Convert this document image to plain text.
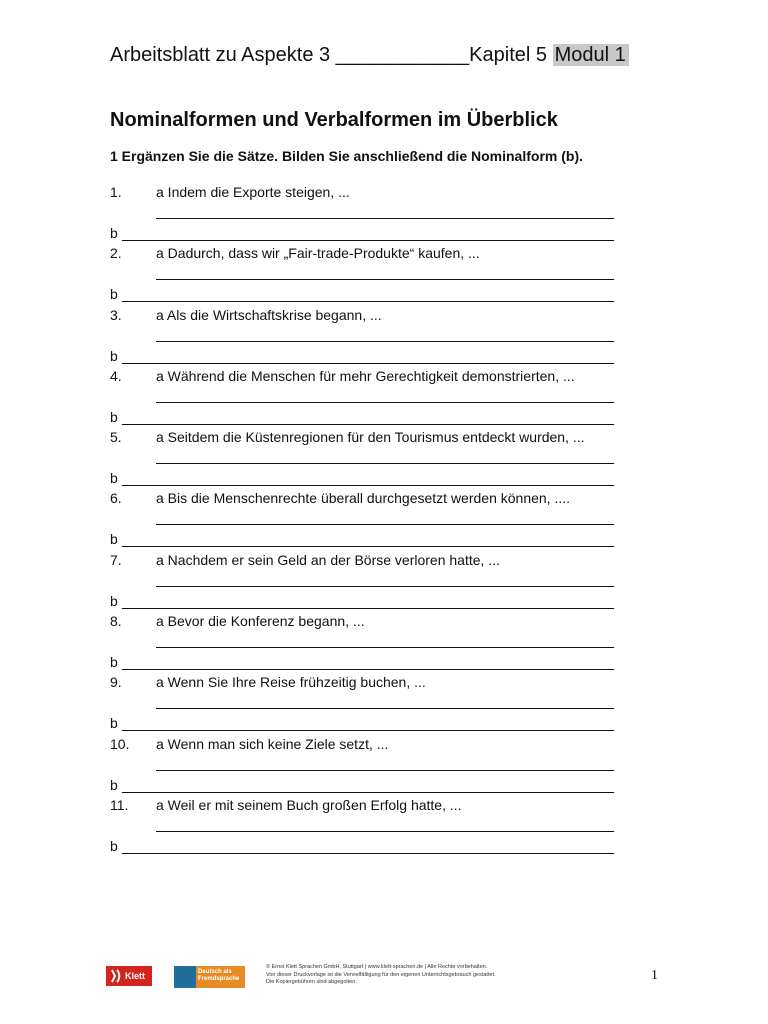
Arbeitsblatt zu Aspekte 3 ____________Kapitel 5 Modul 1
Nominalformen und Verbalformen im Überblick
1 Ergänzen Sie die Sätze. Bilden Sie anschließend die Nominalform (b).
1. a Indem die Exporte steigen, ...
b
2. a Dadurch, dass wir „Fair-trade-Produkte“ kaufen, ...
b
3. a Als die Wirtschaftskrise begann, ...
b
4. a Während die Menschen für mehr Gerechtigkeit demonstrierten, ...
b
5. a Seitdem die Küstenregionen für den Tourismus entdeckt wurden, ...
b
6. a Bis die Menschenrechte überall durchgesetzt werden können, ....
b
7. a Nachdem er sein Geld an der Börse verloren hatte, ...
b
8. a Bevor die Konferenz begann, ...
b
9. a Wenn Sie Ihre Reise frühzeitig buchen, ...
b
10. a Wenn man sich keine Ziele setzt, ...
b
11. a Weil er mit seinem Buch großen Erfolg hatte, ...
b
Klett	Deutsch als Fremdsprache
© Ernst Klett Sprachen GmbH, Stuttgart | www.klett-sprachen.de | Alle Rechte vorbehalten. Von dieser Druckvorlage ist die Vervielfältigung für den eigenen Unterrichtsgebrauch gestattet. Die Kopiergebühren sind abgegolten.	1
